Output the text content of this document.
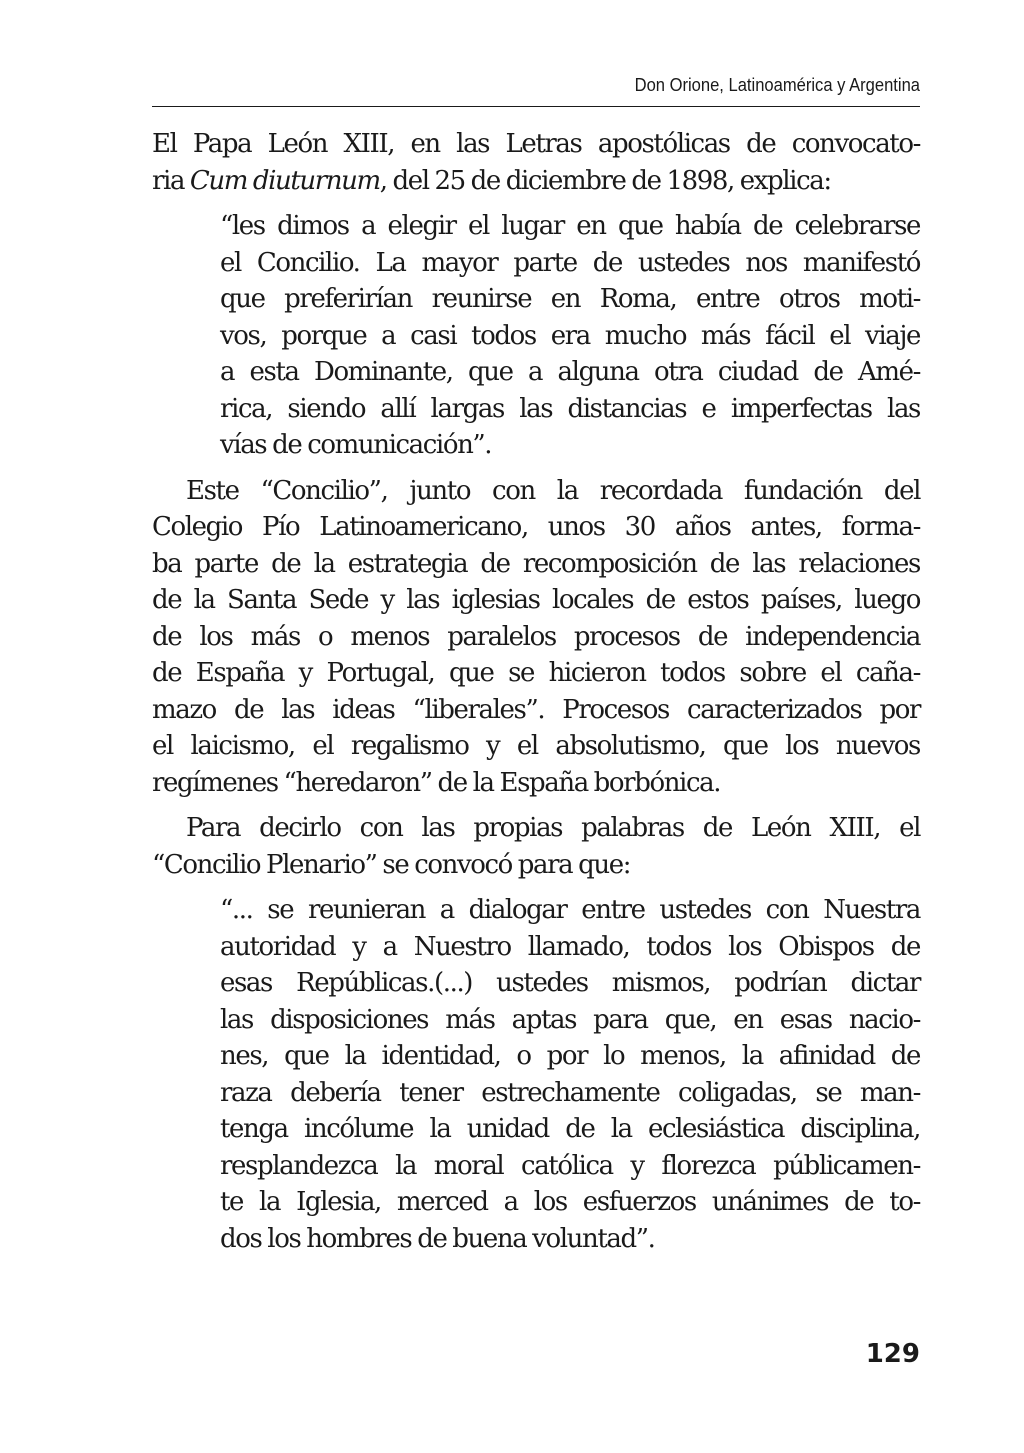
Don Orione, Latinoamérica y Argentina

El Papa León XIII, en las Letras apostólicas de convocato-
ria Cum diuturnum, del 25 de diciembre de 1898, explica:

“les dimos a elegir el lugar en que había de celebrarse
el Concilio. La mayor parte de ustedes nos manifestó
que preferirían reunirse en Roma, entre otros moti-
vos, porque a casi todos era mucho más fácil el viaje
a esta Dominante, que a alguna otra ciudad de Amé-
rica, siendo allí largas las distancias e imperfectas las
vías de comunicación”.

Este “Concilio”, junto con la recordada fundación del
Colegio Pío Latinoamericano, unos 30 años antes, forma-
ba parte de la estrategia de recomposición de las relaciones
de la Santa Sede y las iglesias locales de estos países, luego
de los más o menos paralelos procesos de independencia
de España y Portugal, que se hicieron todos sobre el caña-
mazo de las ideas “liberales”. Procesos caracterizados por
el laicismo, el regalismo y el absolutismo, que los nuevos
regímenes “heredaron” de la España borbónica.

Para decirlo con las propias palabras de León XIII, el
“Concilio Plenario” se convocó para que:

“... se reunieran a dialogar entre ustedes con Nuestra
autoridad y a Nuestro llamado, todos los Obispos de
esas Repúblicas.(...) ustedes mismos, podrían dictar
las disposiciones más aptas para que, en esas nacio-
nes, que la identidad, o por lo menos, la afinidad de
raza debería tener estrechamente coligadas, se man-
tenga incólume la unidad de la eclesiástica disciplina,
resplandezca la moral católica y florezca públicamen-
te la Iglesia, merced a los esfuerzos unánimes de to-
dos los hombres de buena voluntad”.
129
